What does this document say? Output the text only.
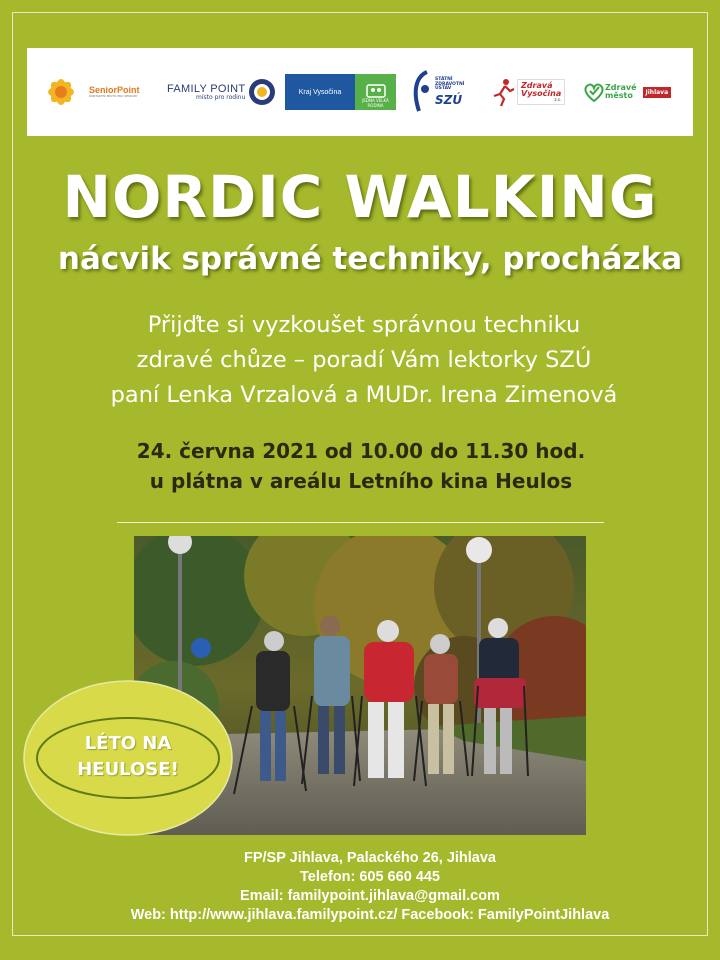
SeniorPoint
KONTAKTNÍ MÍSTO PRO SENIORY
FAMILY POINT
místo pro rodinu
Kraj Vysočina
JEDNA VELKÁ RODINA
STÁTNÍ
ZDRAVOTNÍ
ÚSTAV
SZÚ
Zdravá
Vysočina
z.s.
Zdravé
město	Jihlava
NORDIC WALKING
nácvik správné techniky, procházka
Přijďte si vyzkoušet správnou techniku
zdravé chůze – poradí Vám lektorky SZÚ
paní Lenka Vrzalová a MUDr. Irena Zimenová
24. června 2021 od 10.00 do 11.30 hod.
u plátna v areálu Letního kina Heulos
LÉTO NA
HEULOSE!
FP/SP Jihlava, Palackého 26, Jihlava
Telefon: 605 660 445
Email: familypoint.jihlava@gmail.com
Web: http://www.jihlava.familypoint.cz/ Facebook: FamilyPointJihlava
